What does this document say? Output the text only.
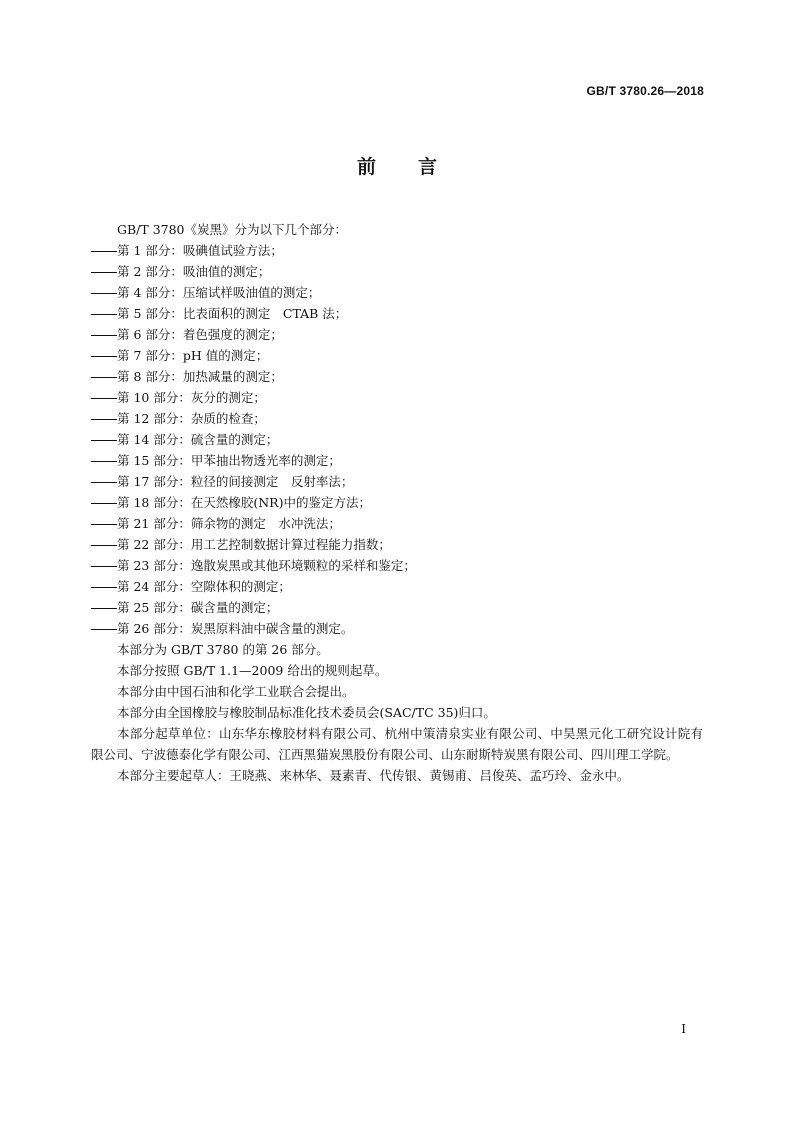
GB/T 3780.26—2018
前言

GB/T 3780《炭黑》分为以下几个部分：

第 1 部分：吸碘值试验方法；

第 2 部分：吸油值的测定；

第 4 部分：压缩试样吸油值的测定；

第 5 部分：比表面积的测定　CTAB 法；

第 6 部分：着色强度的测定；

第 7 部分：pH 值的测定；

第 8 部分：加热减量的测定；

第 10 部分：灰分的测定；

第 12 部分：杂质的检查；

第 14 部分：硫含量的测定；

第 15 部分：甲苯抽出物透光率的测定；

第 17 部分：粒径的间接测定　反射率法；

第 18 部分：在天然橡胶(NR)中的鉴定方法；

第 21 部分：筛余物的测定　水冲洗法；

第 22 部分：用工艺控制数据计算过程能力指数；

第 23 部分：逸散炭黑或其他环境颗粒的采样和鉴定；

第 24 部分：空隙体积的测定；

第 25 部分：碳含量的测定；

第 26 部分：炭黑原料油中碳含量的测定。

本部分为 GB/T 3780 的第 26 部分。

本部分按照 GB/T 1.1—2009 给出的规则起草。

本部分由中国石油和化学工业联合会提出。

本部分由全国橡胶与橡胶制品标准化技术委员会(SAC/TC 35)归口。

本部分起草单位：山东华东橡胶材料有限公司、杭州中策清泉实业有限公司、中昊黑元化工研究设计院有限公司、宁波德泰化学有限公司、江西黑猫炭黑股份有限公司、山东耐斯特炭黑有限公司、四川理工学院。

本部分主要起草人：王晓燕、来林华、聂素青、代传银、黄锡甫、吕俊英、孟巧玲、金永中。

I
